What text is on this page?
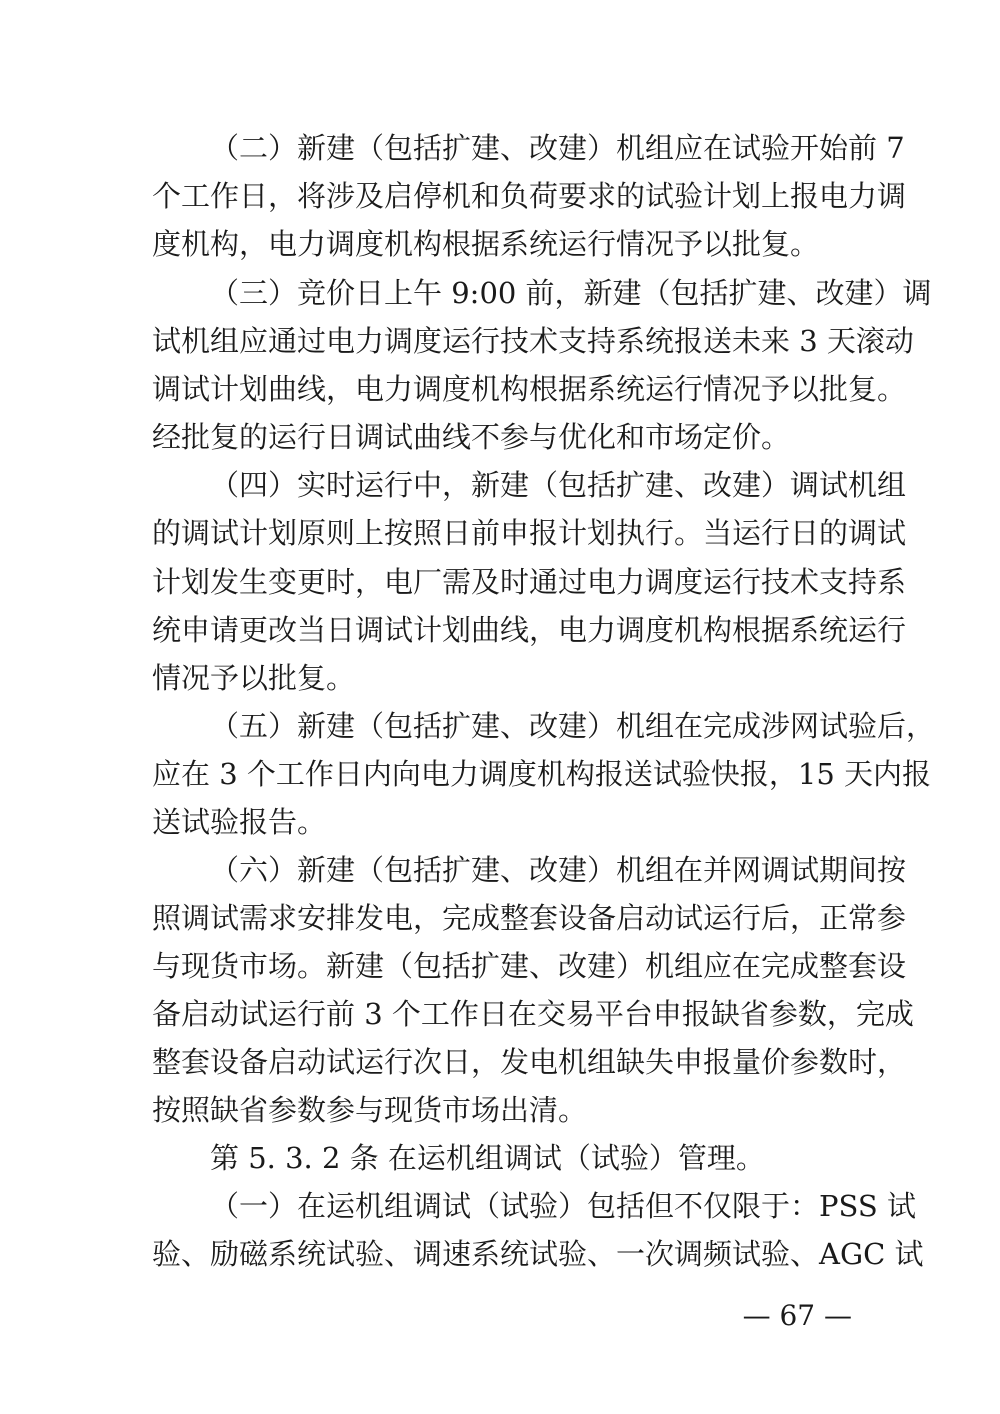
（二）新建（包括扩建、改建）机组应在试验开始前 7
个工作日，将涉及启停机和负荷要求的试验计划上报电力调
度机构，电力调度机构根据系统运行情况予以批复。
（三）竞价日上午 9:00 前，新建（包括扩建、改建）调
试机组应通过电力调度运行技术支持系统报送未来 3 天滚动
调试计划曲线，电力调度机构根据系统运行情况予以批复。
经批复的运行日调试曲线不参与优化和市场定价。
（四）实时运行中，新建（包括扩建、改建）调试机组
的调试计划原则上按照日前申报计划执行。当运行日的调试
计划发生变更时，电厂需及时通过电力调度运行技术支持系
统申请更改当日调试计划曲线，电力调度机构根据系统运行
情况予以批复。
（五）新建（包括扩建、改建）机组在完成涉网试验后，
应在 3 个工作日内向电力调度机构报送试验快报，15 天内报
送试验报告。
（六）新建（包括扩建、改建）机组在并网调试期间按
照调试需求安排发电，完成整套设备启动试运行后，正常参
与现货市场。新建（包括扩建、改建）机组应在完成整套设
备启动试运行前 3 个工作日在交易平台申报缺省参数，完成
整套设备启动试运行次日，发电机组缺失申报量价参数时，
按照缺省参数参与现货市场出清。
第 5. 3. 2 条 在运机组调试（试验）管理。
（一）在运机组调试（试验）包括但不仅限于：PSS 试
验、励磁系统试验、调速系统试验、一次调频试验、AGC 试
— 67 —
